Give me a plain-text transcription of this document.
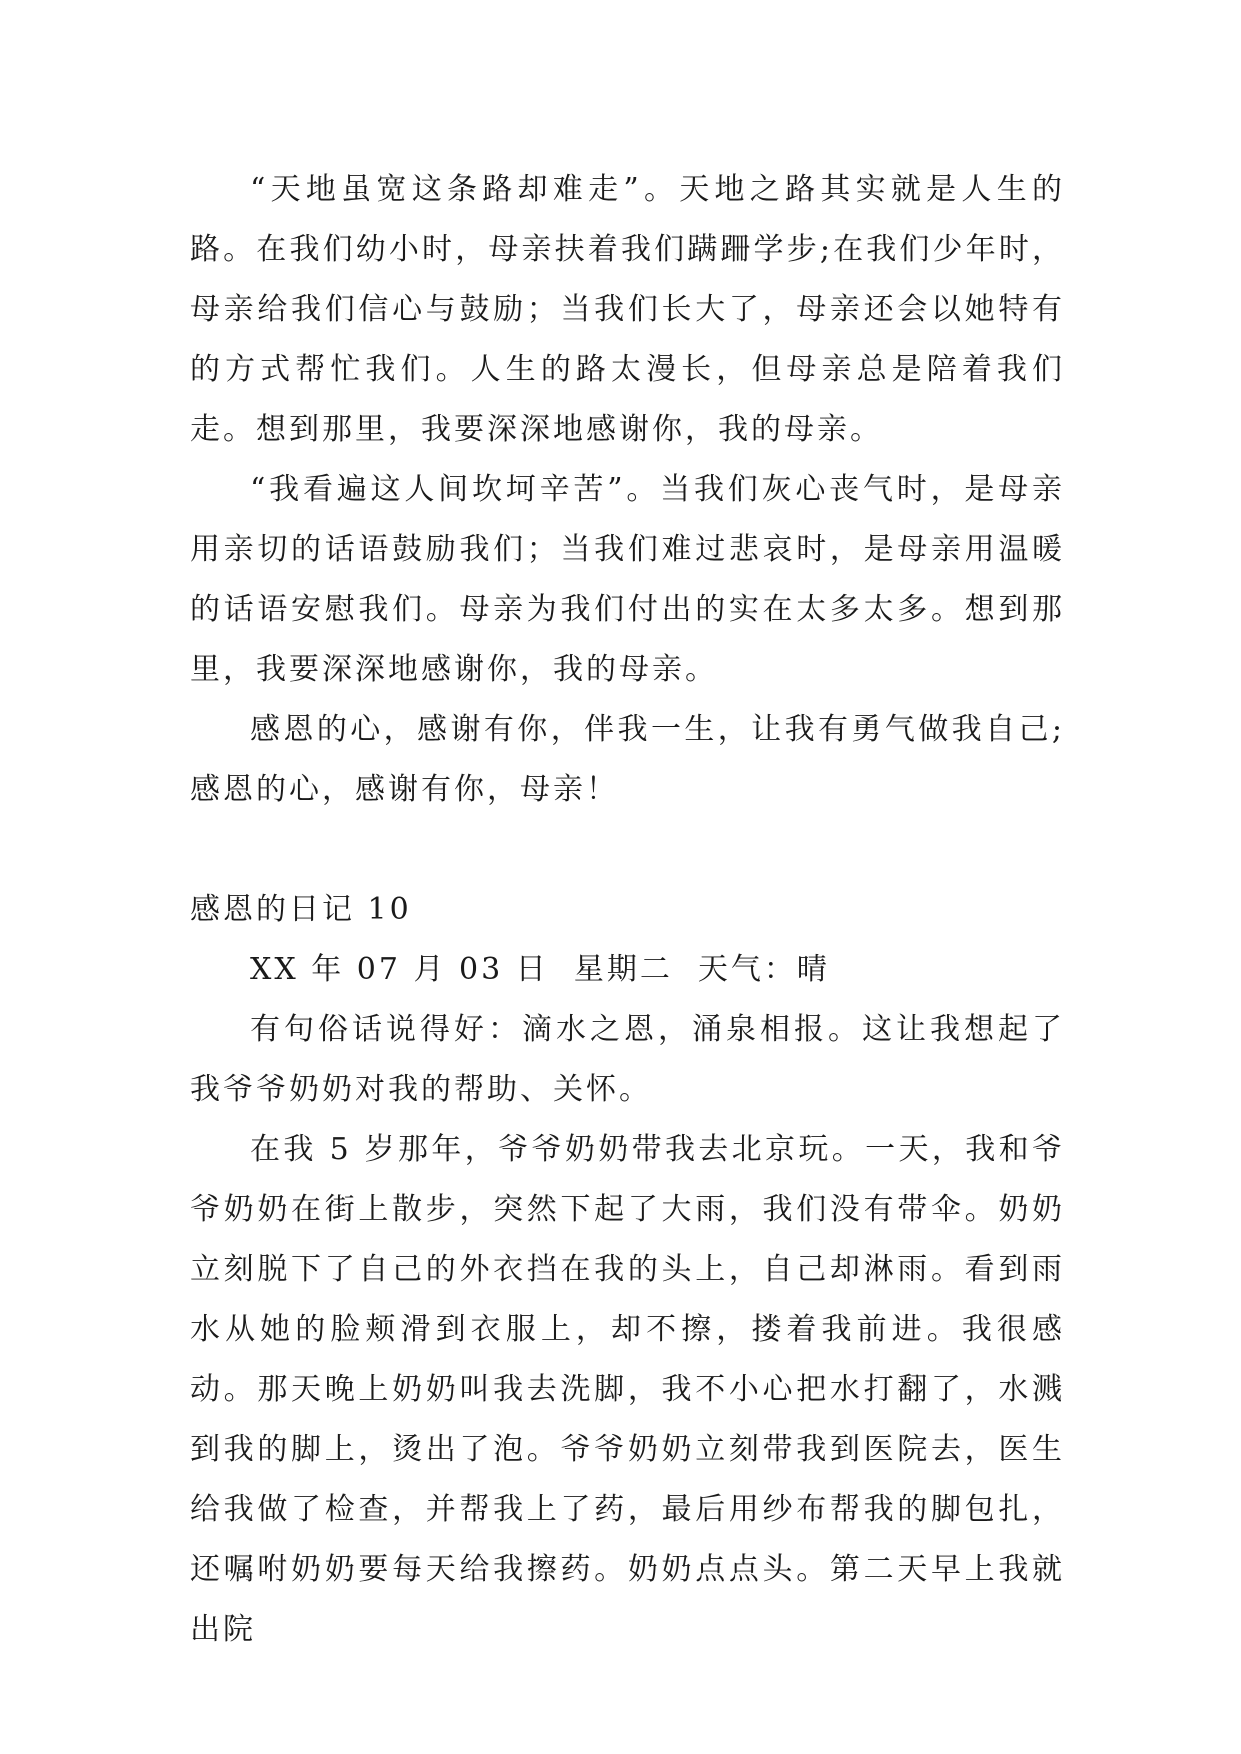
“天地虽宽这条路却难走”。天地之路其实就是人生的路。在我们幼小时，母亲扶着我们蹒跚学步;在我们少年时，母亲给我们信心与鼓励；当我们长大了，母亲还会以她特有的方式帮忙我们。人生的路太漫长，但母亲总是陪着我们走。想到那里，我要深深地感谢你，我的母亲。

“我看遍这人间坎坷辛苦”。当我们灰心丧气时，是母亲用亲切的话语鼓励我们；当我们难过悲哀时，是母亲用温暖的话语安慰我们。母亲为我们付出的实在太多太多。想到那里，我要深深地感谢你，我的母亲。

感恩的心，感谢有你，伴我一生，让我有勇气做我自己;感恩的心，感谢有你，母亲！

感恩的日记 10

XX 年 07 月 03 日  星期二  天气：晴

有句俗话说得好：滴水之恩，涌泉相报。这让我想起了我爷爷奶奶对我的帮助、关怀。

在我 5 岁那年，爷爷奶奶带我去北京玩。一天，我和爷爷奶奶在街上散步，突然下起了大雨，我们没有带伞。奶奶立刻脱下了自己的外衣挡在我的头上，自己却淋雨。看到雨水从她的脸颊滑到衣服上，却不擦，搂着我前进。我很感动。那天晚上奶奶叫我去洗脚，我不小心把水打翻了，水溅到我的脚上，烫出了泡。爷爷奶奶立刻带我到医院去，医生给我做了检查，并帮我上了药，最后用纱布帮我的脚包扎，还嘱咐奶奶要每天给我擦药。奶奶点点头。第二天早上我就出院
